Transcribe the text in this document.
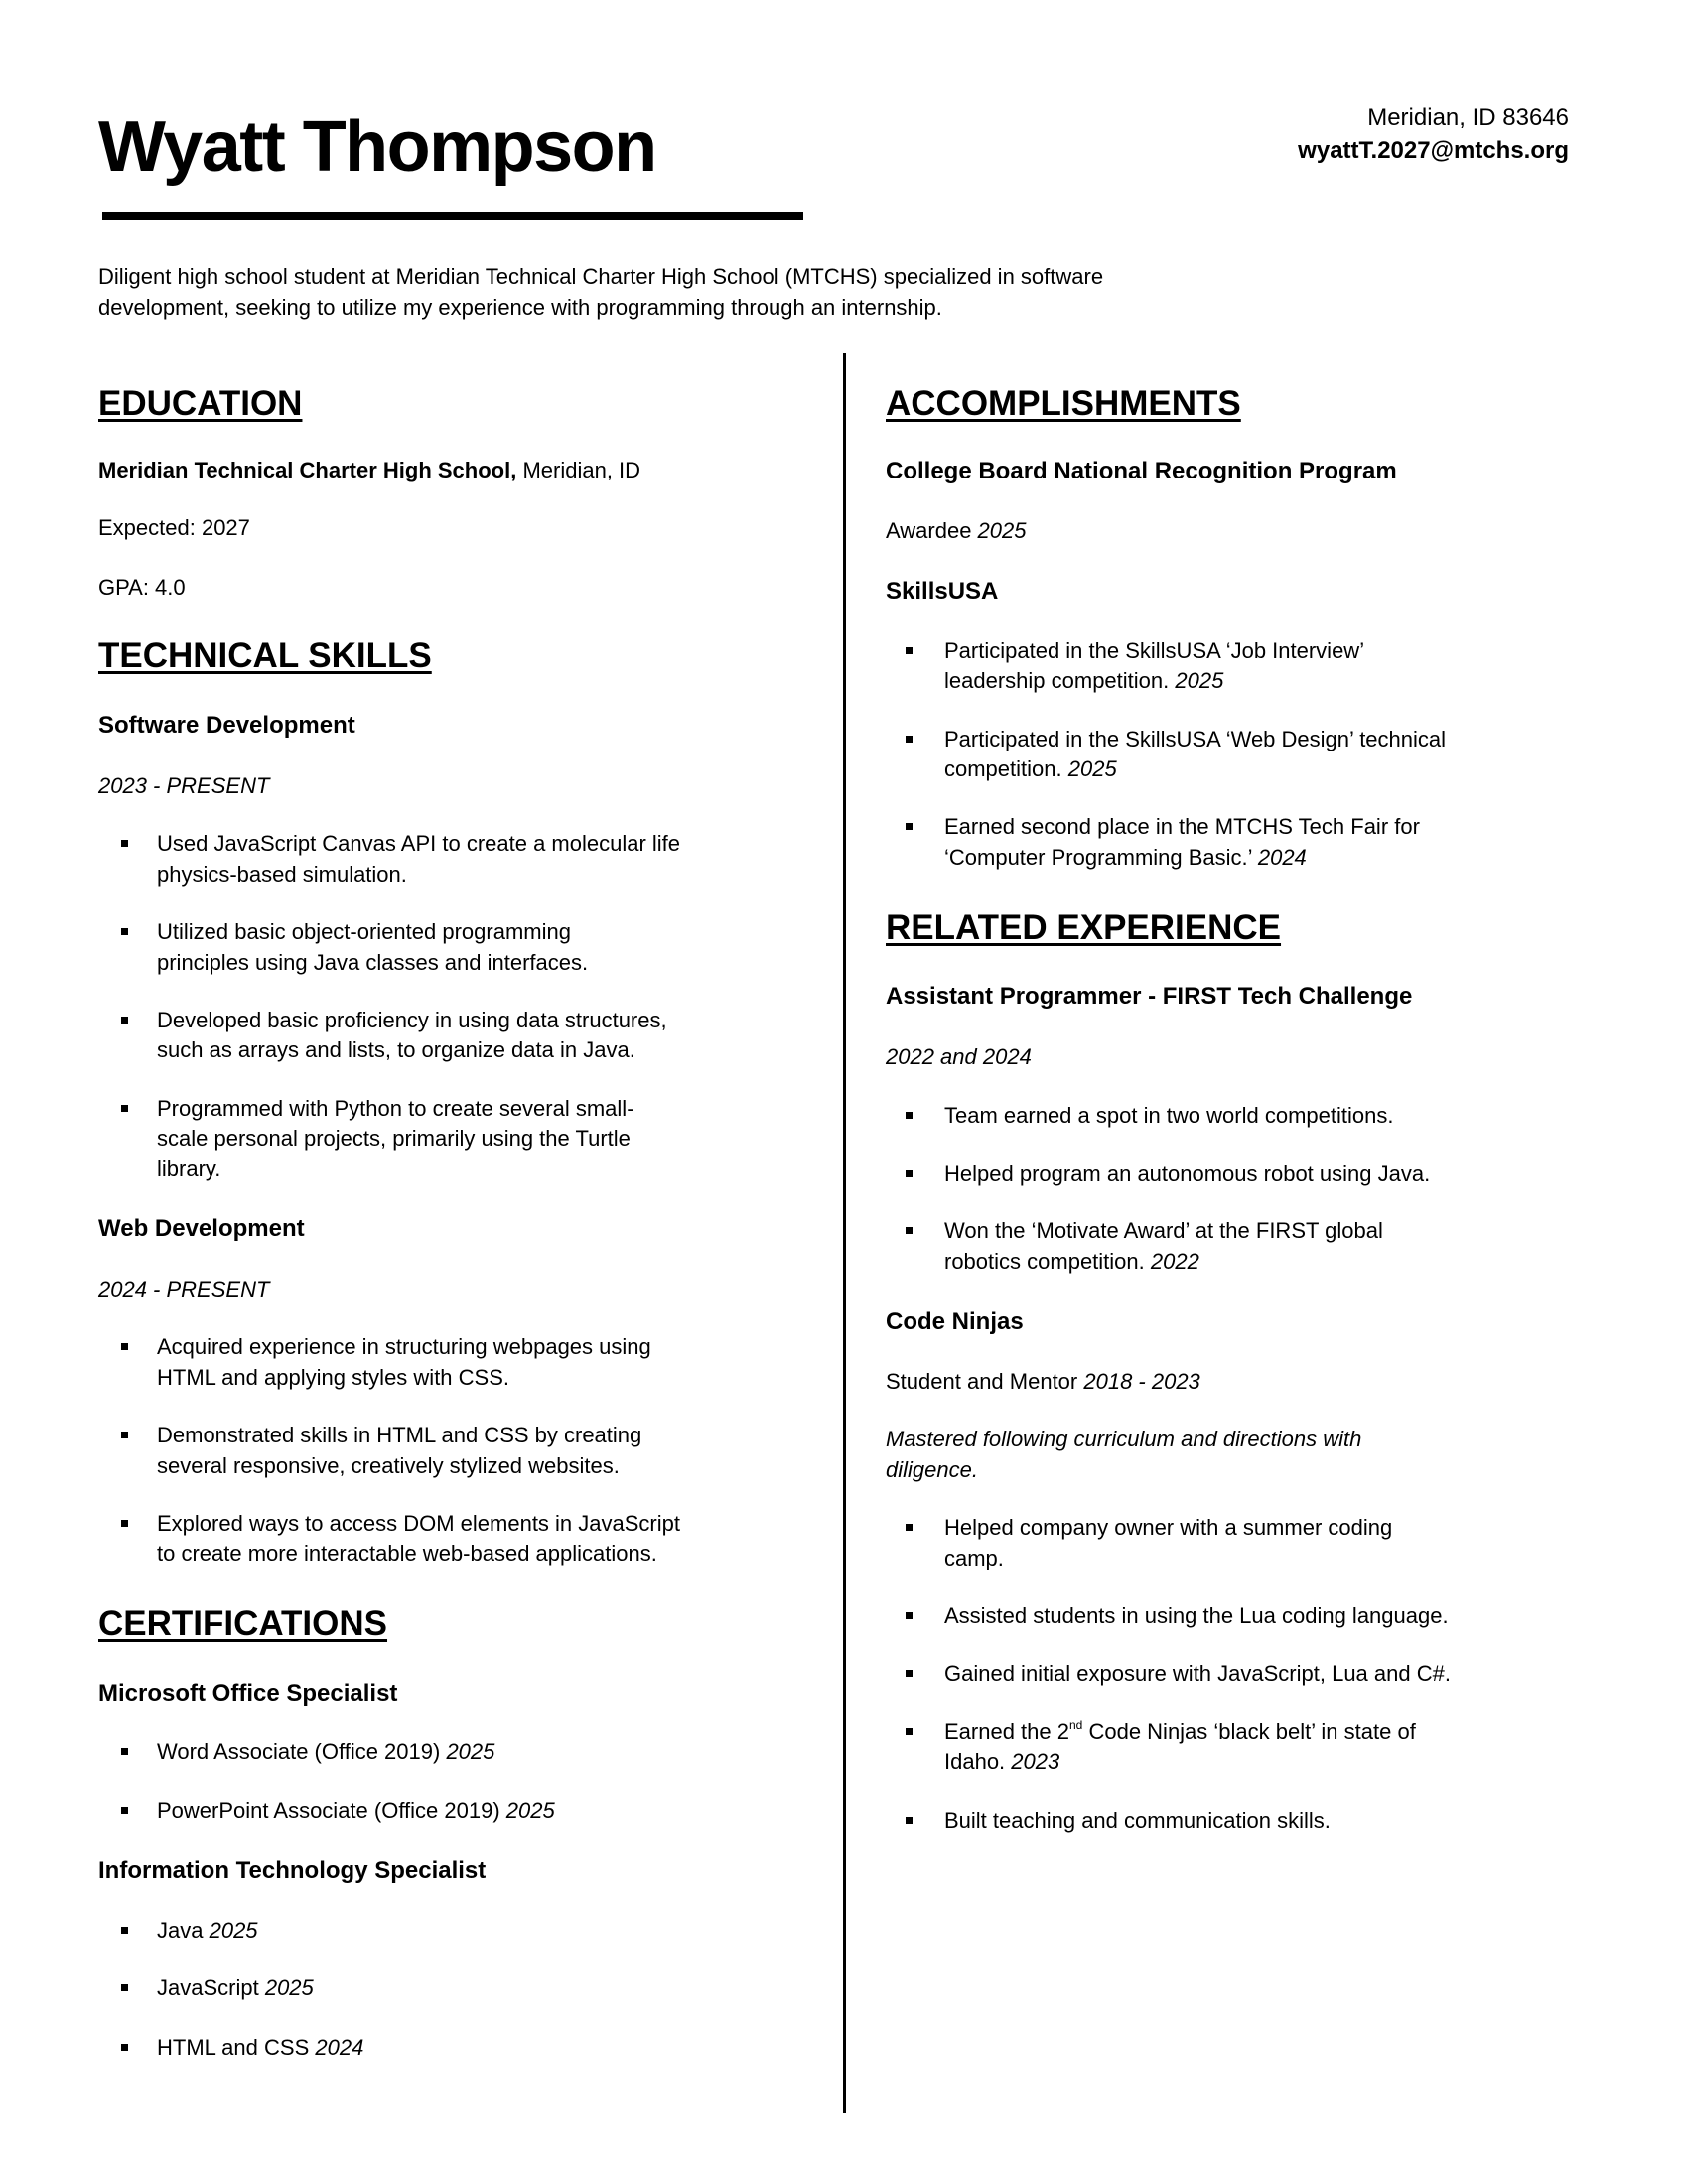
Wyatt Thompson	Meridian, ID 83646
wyattT.2027@mtchs.org
Diligent high school student at Meridian Technical Charter High School (MTCHS) specialized in software
development, seeking to utilize my experience with programming through an internship.
EDUCATION
Meridian Technical Charter High School, Meridian, ID
Expected: 2027
GPA: 4.0
TECHNICAL SKILLS
Software Development
2023 - PRESENT
Used JavaScript Canvas API to create a molecular life
physics-based simulation.
Utilized basic object-oriented programming
principles using Java classes and interfaces.
Developed basic proficiency in using data structures,
such as arrays and lists, to organize data in Java.
Programmed with Python to create several small-
scale personal projects, primarily using the Turtle
library.
Web Development
2024 - PRESENT
Acquired experience in structuring webpages using
HTML and applying styles with CSS.
Demonstrated skills in HTML and CSS by creating
several responsive, creatively stylized websites.
Explored ways to access DOM elements in JavaScript
to create more interactable web-based applications.
CERTIFICATIONS
Microsoft Office Specialist
Word Associate (Office 2019) 2025
PowerPoint Associate (Office 2019) 2025
Information Technology Specialist
Java 2025
JavaScript 2025
HTML and CSS 2024
ACCOMPLISHMENTS
College Board National Recognition Program
Awardee 2025
SkillsUSA
Participated in the SkillsUSA ‘Job Interview’
leadership competition. 2025
Participated in the SkillsUSA ‘Web Design’ technical
competition. 2025
Earned second place in the MTCHS Tech Fair for
‘Computer Programming Basic.’ 2024
RELATED EXPERIENCE
Assistant Programmer - FIRST Tech Challenge
2022 and 2024
Team earned a spot in two world competitions.
Helped program an autonomous robot using Java.
Won the ‘Motivate Award’ at the FIRST global
robotics competition. 2022
Code Ninjas
Student and Mentor 2018 - 2023
Mastered following curriculum and directions with
diligence.
Helped company owner with a summer coding
camp.
Assisted students in using the Lua coding language.
Gained initial exposure with JavaScript, Lua and C#.
Earned the 2nd Code Ninjas ‘black belt’ in state of
Idaho. 2023
Built teaching and communication skills.
